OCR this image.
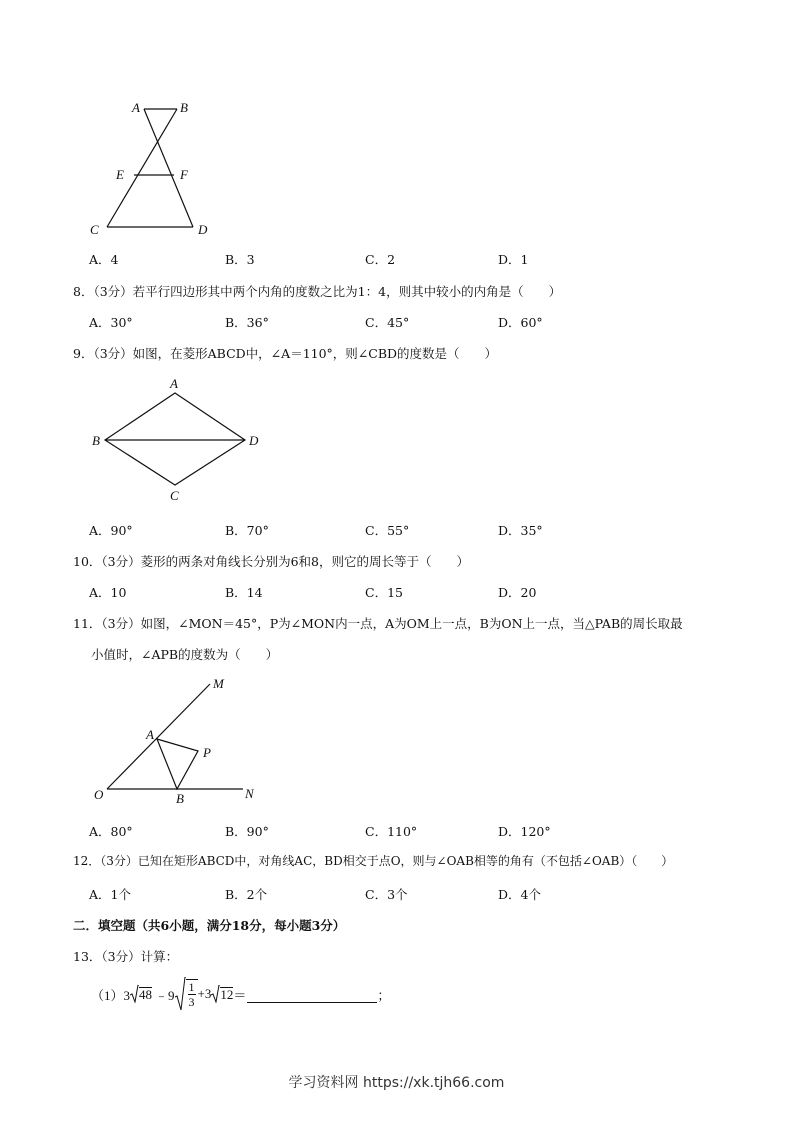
A	B
E	F
C	D
A．4	B．3	C．2	D．1
8．（3分）若平行四边形其中两个内角的度数之比为1：4，则其中较小的内角是（　　）
A．30°	B．36°	C．45°	D．60°
9．（3分）如图，在菱形ABCD中，∠A＝110°，则∠CBD的度数是（　　）
A
B	D
C
A．90°	B．70°	C．55°	D．35°
10．（3分）菱形的两条对角线长分别为6和8，则它的周长等于（　　）
A．10	B．14	C．15	D．20
11．（3分）如图，∠MON＝45°，P为∠MON内一点，A为OM上一点，B为ON上一点，当△PAB的周长取最
小值时，∠APB的度数为（　　）
M
A
P
O	B	N
A．80°	B．90°	C．110°	D．120°
12．（3分）已知在矩形ABCD中，对角线AC，BD相交于点O，则与∠OAB相等的角有（不包括∠OAB）（　　）
A．1个	B．2个	C．3个	D．4个
二．填空题（共6小题，满分18分，每小题3分）
13．（3分）计算：
（1）3 48 ﹣9 $\frac{1}{3} +3$ 12 ＝	；
学习资料网 https://xk.tjh66.com
